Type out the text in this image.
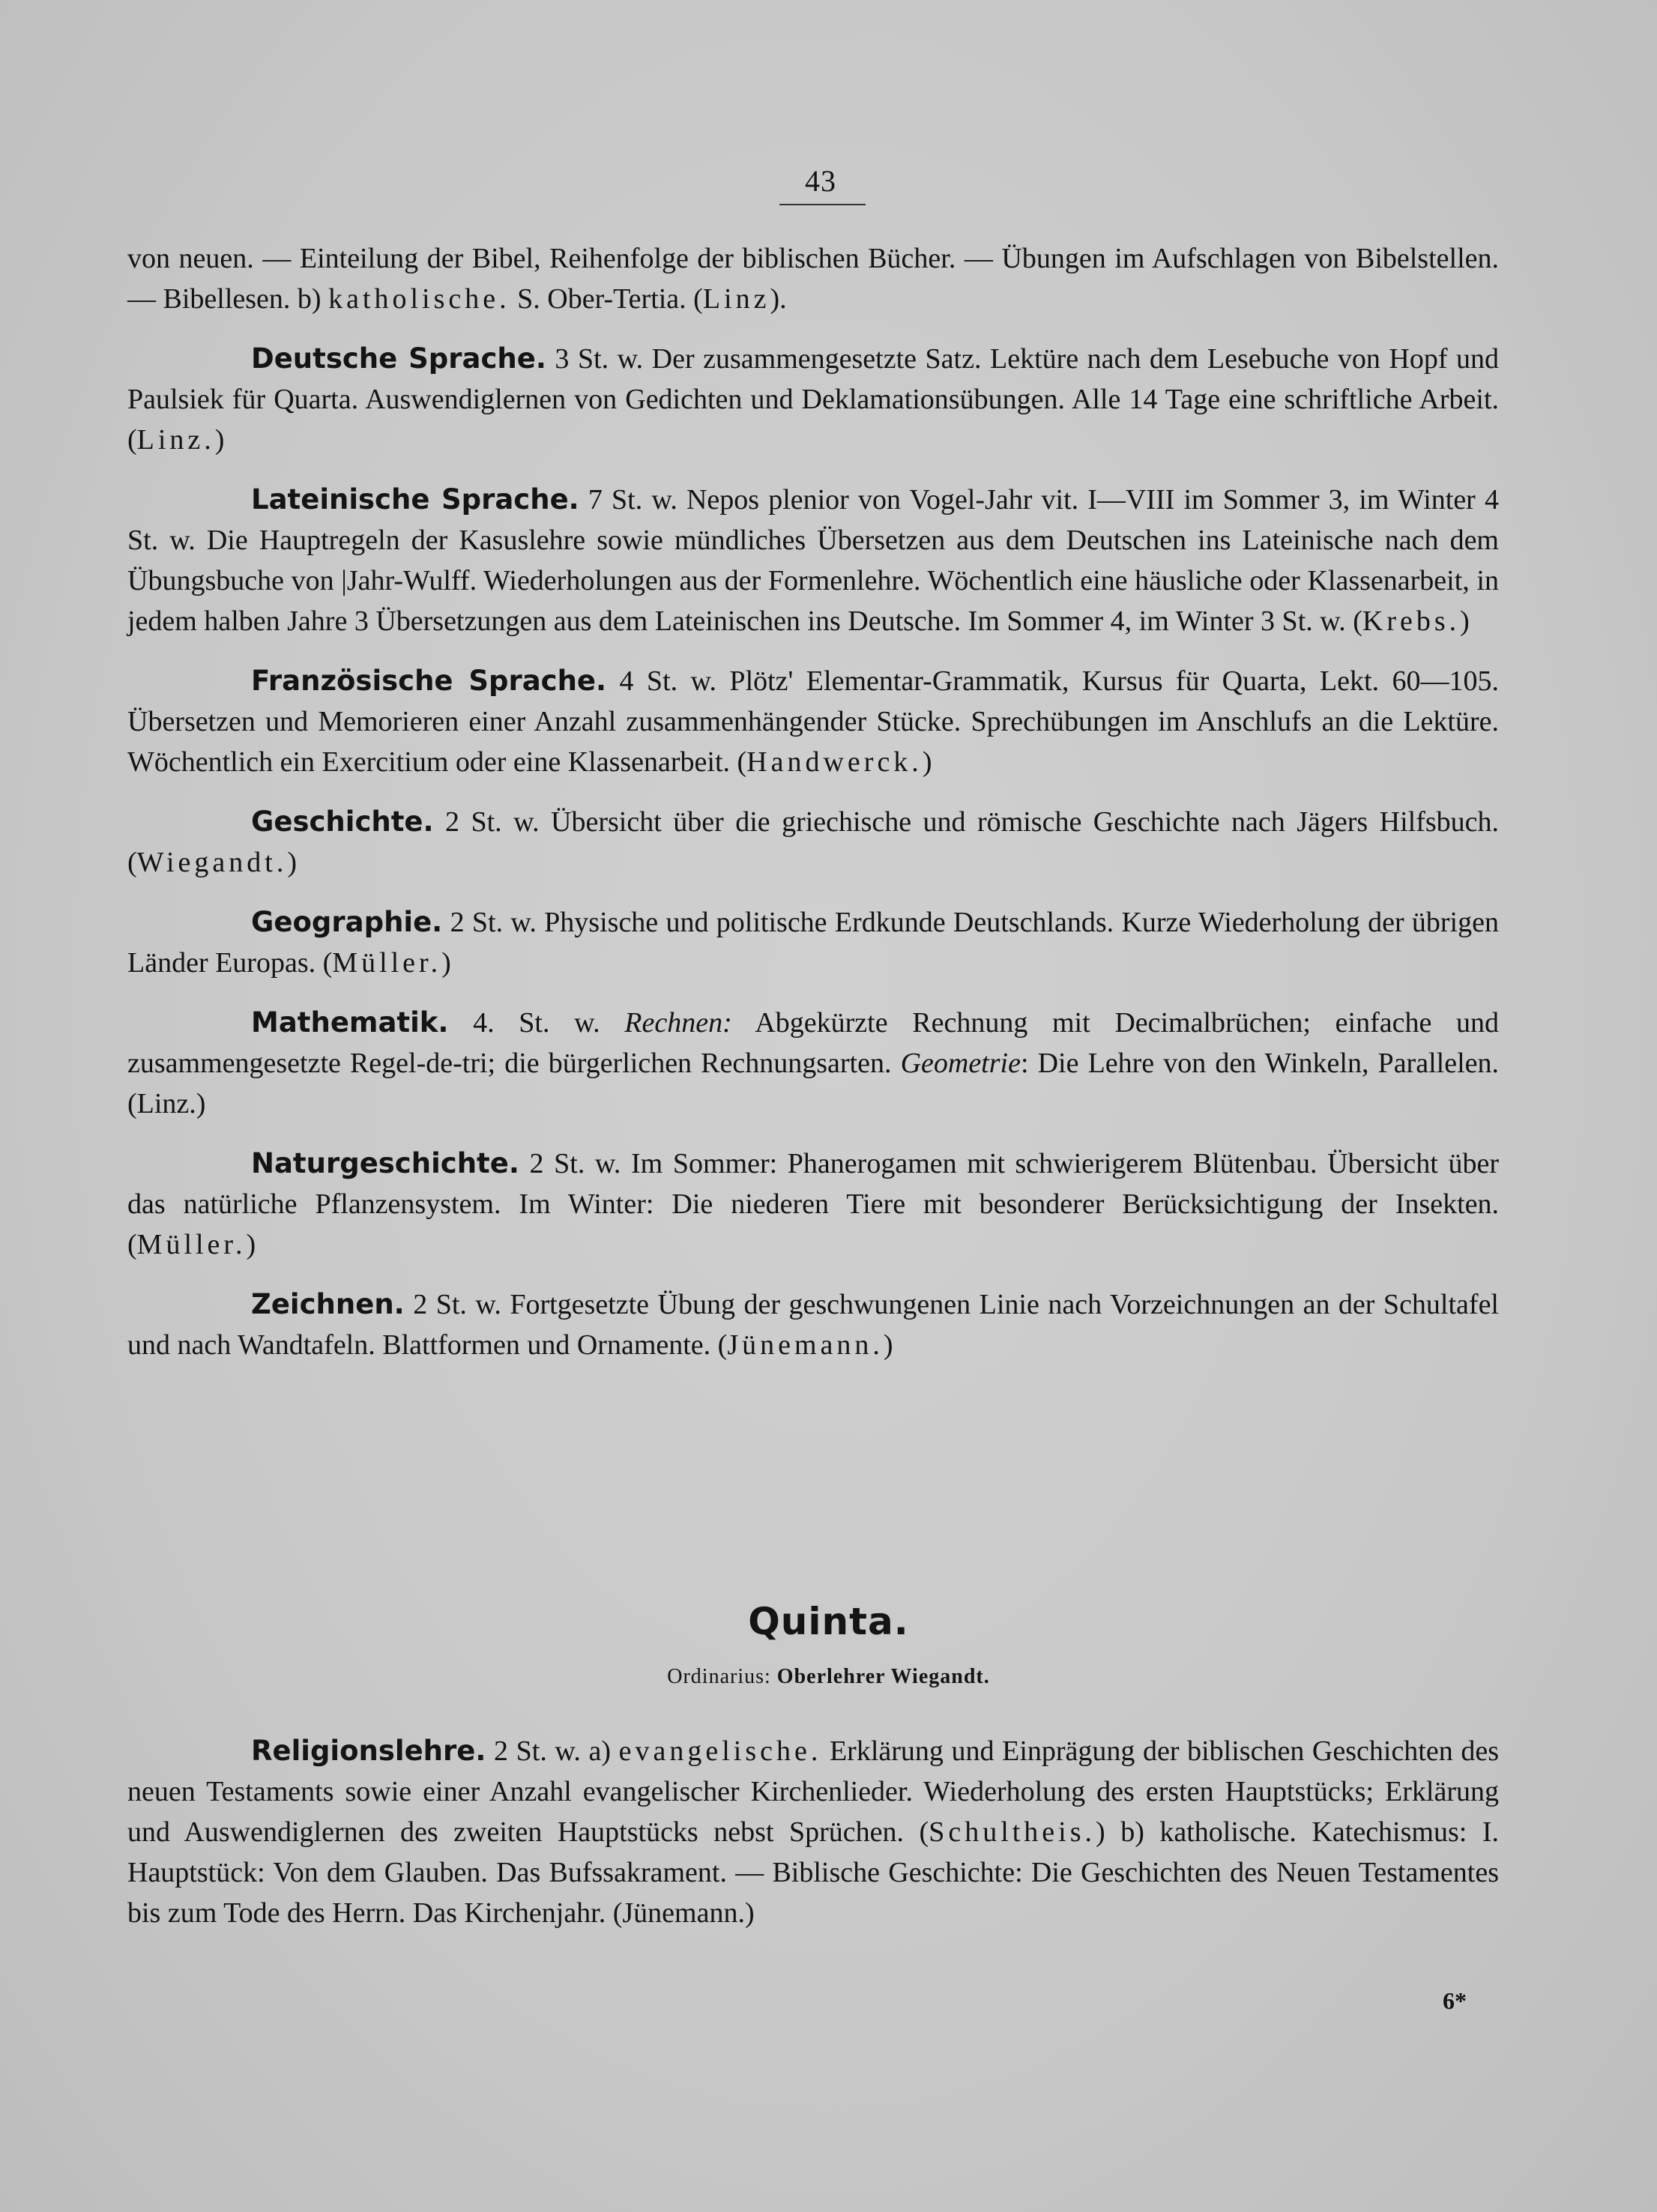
43

von neuen. — Einteilung der Bibel, Reihenfolge der biblischen Bücher. — Übungen im Aufschlagen von Bibelstellen. — Bibellesen. b) katholische. S. Ober-Tertia. (Linz).

Deutsche Sprache. 3 St. w. Der zusammengesetzte Satz. Lektüre nach dem Lesebuche von Hopf und Paulsiek für Quarta. Auswendiglernen von Gedichten und Deklamationsübungen. Alle 14 Tage eine schriftliche Arbeit. (Linz.)

Lateinische Sprache. 7 St. w. Nepos plenior von Vogel-Jahr vit. I—VIII im Sommer 3, im Winter 4 St. w. Die Hauptregeln der Kasuslehre sowie mündliches Übersetzen aus dem Deutschen ins Lateinische nach dem Übungsbuche von |Jahr-Wulff. Wiederholungen aus der Formenlehre. Wöchentlich eine häusliche oder Klassenarbeit, in jedem halben Jahre 3 Übersetzungen aus dem Lateinischen ins Deutsche. Im Sommer 4, im Winter 3 St. w. (Krebs.)

Französische Sprache. 4 St. w. Plötz' Elementar-Grammatik, Kursus für Quarta, Lekt. 60—105. Übersetzen und Memorieren einer Anzahl zusammenhängender Stücke. Sprechübungen im Anschlufs an die Lektüre. Wöchentlich ein Exercitium oder eine Klassenarbeit. (Handwerck.)

Geschichte. 2 St. w. Übersicht über die griechische und römische Geschichte nach Jägers Hilfsbuch. (Wiegandt.)

Geographie. 2 St. w. Physische und politische Erdkunde Deutschlands. Kurze Wiederholung der übrigen Länder Europas. (Müller.)

Mathematik. 4. St. w. Rechnen: Abgekürzte Rechnung mit Decimalbrüchen; einfache und zusammengesetzte Regel-de-tri; die bürgerlichen Rechnungsarten. Geometrie: Die Lehre von den Winkeln, Parallelen. (Linz.)

Naturgeschichte. 2 St. w. Im Sommer: Phanerogamen mit schwierigerem Blütenbau. Übersicht über das natürliche Pflanzensystem. Im Winter: Die niederen Tiere mit besonderer Berücksichtigung der Insekten. (Müller.)

Zeichnen. 2 St. w. Fortgesetzte Übung der geschwungenen Linie nach Vorzeichnungen an der Schultafel und nach Wandtafeln. Blattformen und Ornamente. (Jünemann.)

Quinta.
Ordinarius: Oberlehrer Wiegandt.

Religionslehre. 2 St. w. a) evangelische. Erklärung und Einprägung der biblischen Geschichten des neuen Testaments sowie einer Anzahl evangelischer Kirchenlieder. Wiederholung des ersten Hauptstücks; Erklärung und Auswendiglernen des zweiten Hauptstücks nebst Sprüchen. (Schultheis.) b) katholische. Katechismus: I. Hauptstück: Von dem Glauben. Das Bufssakrament. — Biblische Geschichte: Die Geschichten des Neuen Testamentes bis zum Tode des Herrn. Das Kirchenjahr. (Jünemann.)

6*
